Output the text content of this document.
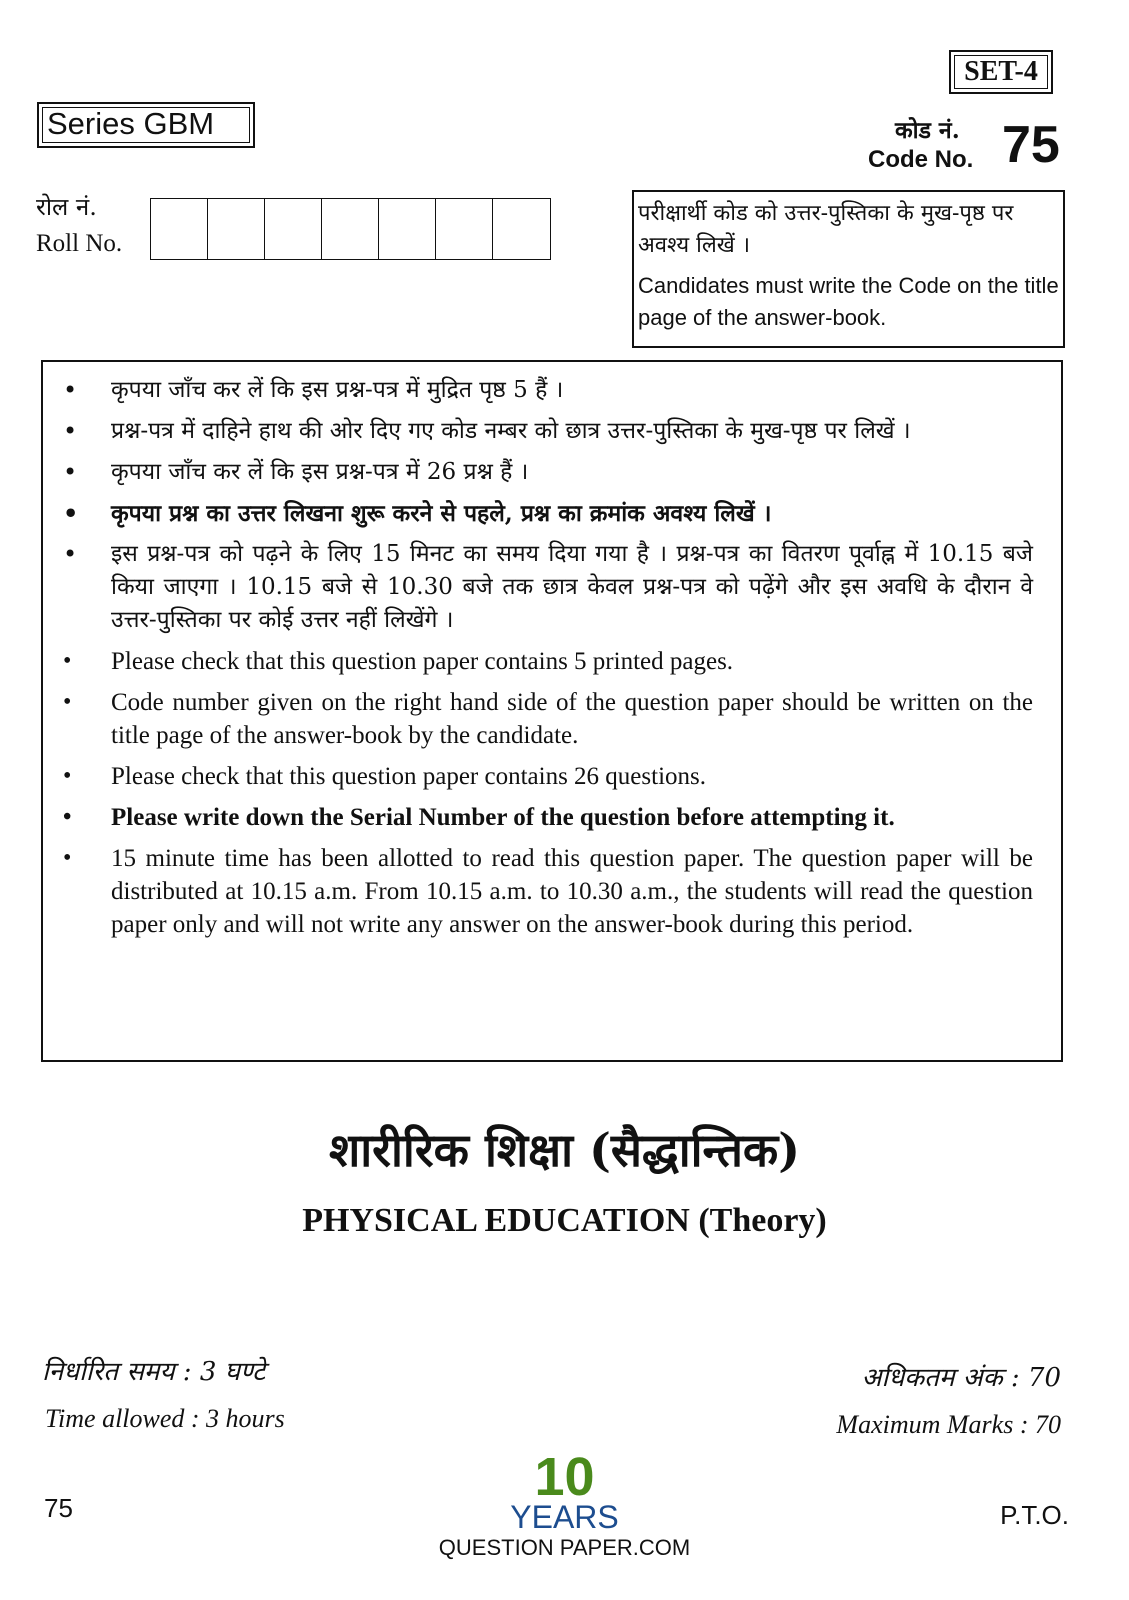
SET-4
Series GBM	कोड नं.
Code No. 75
रोल नं.
Roll No.
परीक्षार्थी कोड को उत्तर-पुस्तिका के मुख-पृष्ठ पर अवश्य लिखें ।
Candidates must write the Code on the title page of the answer-book.
• कृपया जाँच कर लें कि इस प्रश्न-पत्र में मुद्रित पृष्ठ 5 हैं ।
• प्रश्न-पत्र में दाहिने हाथ की ओर दिए गए कोड नम्बर को छात्र उत्तर-पुस्तिका के मुख-पृष्ठ पर लिखें ।
• कृपया जाँच कर लें कि इस प्रश्न-पत्र में 26 प्रश्न हैं ।
• कृपया प्रश्न का उत्तर लिखना शुरू करने से पहले, प्रश्न का क्रमांक अवश्य लिखें ।
• इस प्रश्न-पत्र को पढ़ने के लिए 15 मिनट का समय दिया गया है । प्रश्न-पत्र का वितरण पूर्वाह्न में 10.15 बजे किया जाएगा । 10.15 बजे से 10.30 बजे तक छात्र केवल प्रश्न-पत्र को पढ़ेंगे और इस अवधि के दौरान वे उत्तर-पुस्तिका पर कोई उत्तर नहीं लिखेंगे ।
• Please check that this question paper contains 5 printed pages.
• Code number given on the right hand side of the question paper should be written on the title page of the answer-book by the candidate.
• Please check that this question paper contains 26 questions.
• Please write down the Serial Number of the question before attempting it.
• 15 minute time has been allotted to read this question paper. The question paper will be distributed at 10.15 a.m. From 10.15 a.m. to 10.30 a.m., the students will read the question paper only and will not write any answer on the answer-book during this period.
शारीरिक शिक्षा (सैद्धान्तिक)
PHYSICAL EDUCATION (Theory)
निर्धारित समय : 3 घण्टे
Time allowed : 3 hours
अधिकतम अंक : 70
Maximum Marks : 70
75	P.T.O.
10
YEARS
QUESTION PAPER.COM
